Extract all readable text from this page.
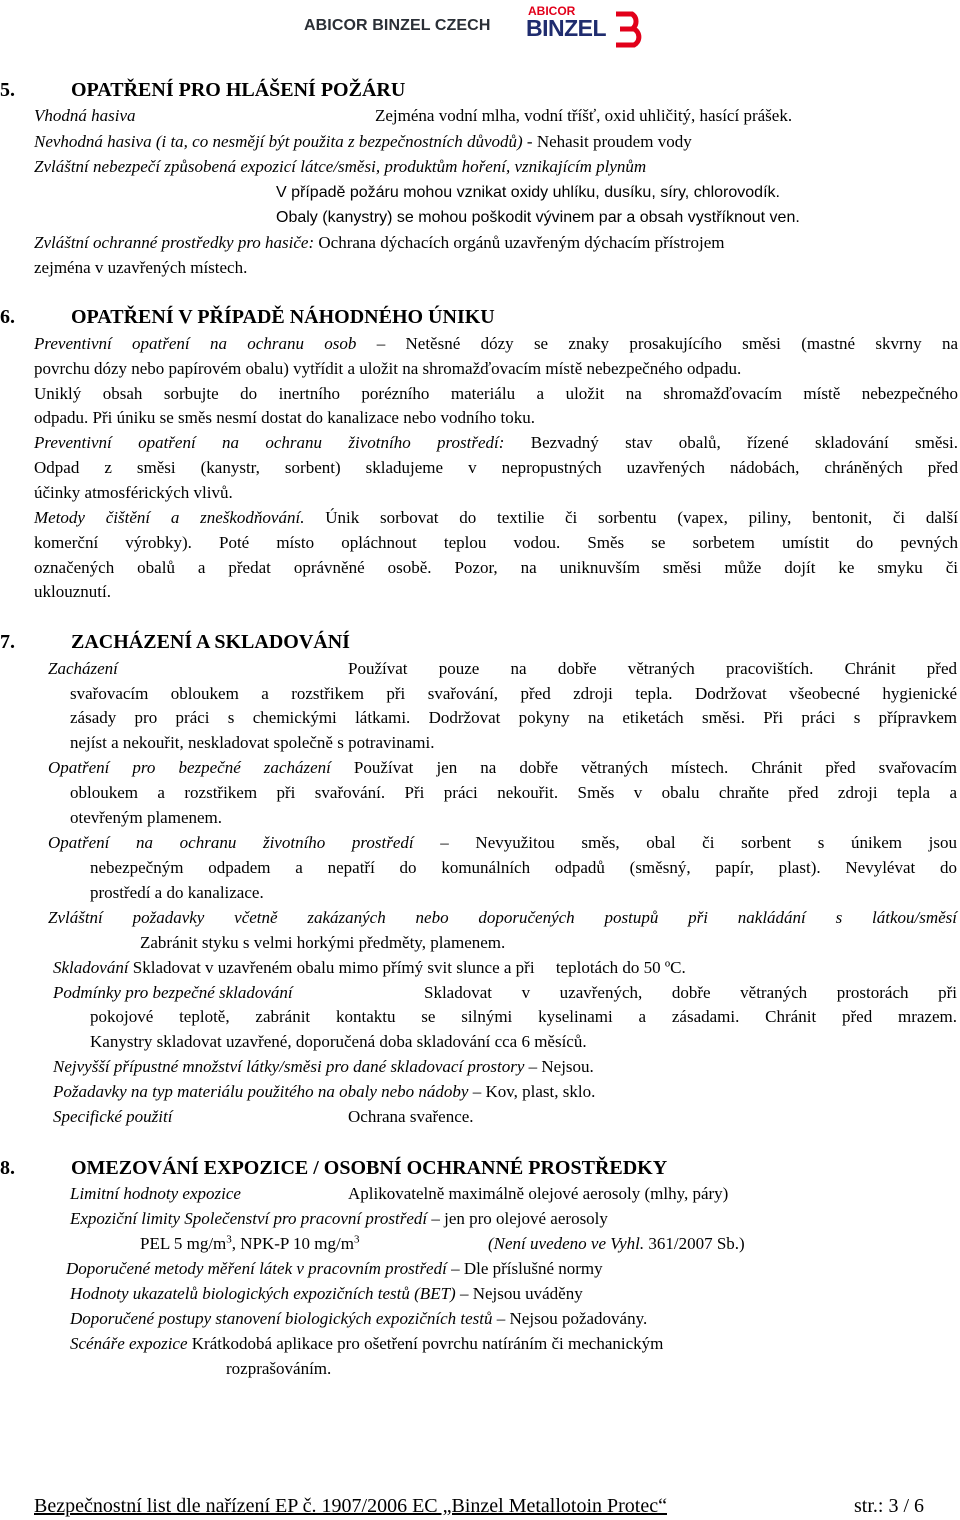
ABICOR BINZEL CZECH
ABICOR
BINZEL
5.	OPATŘENÍ PRO HLÁŠENÍ POŽÁRU
Vhodná hasiva	Zejména vodní mlha, vodní tříšť, oxid uhličitý, hasící prášek.
Nevhodná hasiva (i ta, co nesmějí být použita z bezpečnostních důvodů) - Nehasit proudem vody
Zvláštní nebezpečí způsobená expozicí látce/směsi, produktům hoření, vznikajícím plynům
V případě požáru mohou vznikat oxidy uhlíku, dusíku, síry, chlorovodík.
Obaly (kanystry) se mohou poškodit vývinem par a obsah vystříknout ven.
Zvláštní ochranné prostředky pro hasiče: Ochrana dýchacích orgánů uzavřeným dýchacím přístrojem
zejména v uzavřených místech.
6.	OPATŘENÍ V PŘÍPADĚ NÁHODNÉHO ÚNIKU
Preventivní opatření na ochranu osob – Netěsné dózy se znaky prosakujícího směsi (mastné skvrny na
povrchu dózy nebo papírovém obalu) vytřídit a uložit na shromažďovacím místě nebezpečného odpadu.
Uniklý obsah sorbujte do inertního porézního materiálu a uložit na shromažďovacím místě nebezpečného
odpadu. Při úniku se směs nesmí dostat do kanalizace nebo vodního toku.
Preventivní opatření na ochranu životního prostředí: Bezvadný stav obalů, řízené skladování směsi.
Odpad z směsi (kanystr, sorbent) skladujeme v nepropustných uzavřených nádobách, chráněných před
účinky atmosférických vlivů.
Metody čištění a zneškodňování. Únik sorbovat do textilie či sorbentu (vapex, piliny, bentonit, či další
komerční výrobky). Poté místo opláchnout teplou vodou. Směs se sorbetem umístit do pevných
označených obalů a předat oprávněné osobě. Pozor, na uniknuvším směsi může dojít ke smyku či
uklouznutí.
7.	ZACHÁZENÍ A SKLADOVÁNÍ
Zacházení	Používat pouze na dobře větraných pracovištích. Chránit před
svařovacím obloukem a rozstřikem při svařování, před zdroji tepla. Dodržovat všeobecné hygienické
zásady pro práci s chemickými látkami. Dodržovat pokyny na etiketách směsi. Při práci s přípravkem
nejíst a nekouřit, neskladovat společně s potravinami.
Opatření pro bezpečné zacházení Používat jen na dobře větraných místech. Chránit před svařovacím
obloukem a rozstřikem při svařování. Při práci nekouřit. Směs v obalu chraňte před zdroji tepla a
otevřeným plamenem.
Opatření na ochranu životního prostředí – Nevyužitou směs, obal či sorbent s únikem jsou
nebezpečným odpadem a nepatří do komunálních odpadů (směsný, papír, plast). Nevylévat do
prostředí a do kanalizace.
Zvláštní požadavky včetně zakázaných nebo doporučených postupů při nakládání s látkou/směsí
Zabránit styku s velmi horkými předměty, plamenem.
Skladování Skladovat v uzavřeném obalu mimo přímý svit slunce a při     teplotách do 50 ºC.
Podmínky pro bezpečné skladování	Skladovat v uzavřených, dobře větraných prostorách při
pokojové teplotě, zabránit kontaktu se silnými kyselinami a zásadami. Chránit před mrazem.
Kanystry skladovat uzavřené, doporučená doba skladování cca 6 měsíců.
Nejvyšší přípustné množství látky/směsi pro dané skladovací prostory – Nejsou.
Požadavky na typ materiálu použitého na obaly nebo nádoby – Kov, plast, sklo.
Specifické použití	Ochrana svařence.
8.	OMEZOVÁNÍ EXPOZICE / OSOBNÍ OCHRANNÉ PROSTŘEDKY
Limitní hodnoty expozice	Aplikovatelně maximálně olejové aerosoly (mlhy, páry)
Expoziční limity Společenství pro pracovní prostředí – jen pro olejové aerosoly
PEL 5 $mg/m^3$, NPK-P 10 $mg/m^3$	(Není uvedeno ve Vyhl. 361/2007 Sb.)
Doporučené metody měření látek v pracovním prostředí – Dle příslušné normy
Hodnoty ukazatelů biologických expozičních testů (BET) – Nejsou uváděny
Doporučené postupy stanovení biologických expozičních testů – Nejsou požadovány.
Scénáře expozice Krátkodobá aplikace pro ošetření povrchu natíráním či mechanickým
rozprašováním.
Bezpečnostní list dle nařízení EP č. 1907/2006 EC „Binzel Metallotoin Protec“	str.: 3 / 6
